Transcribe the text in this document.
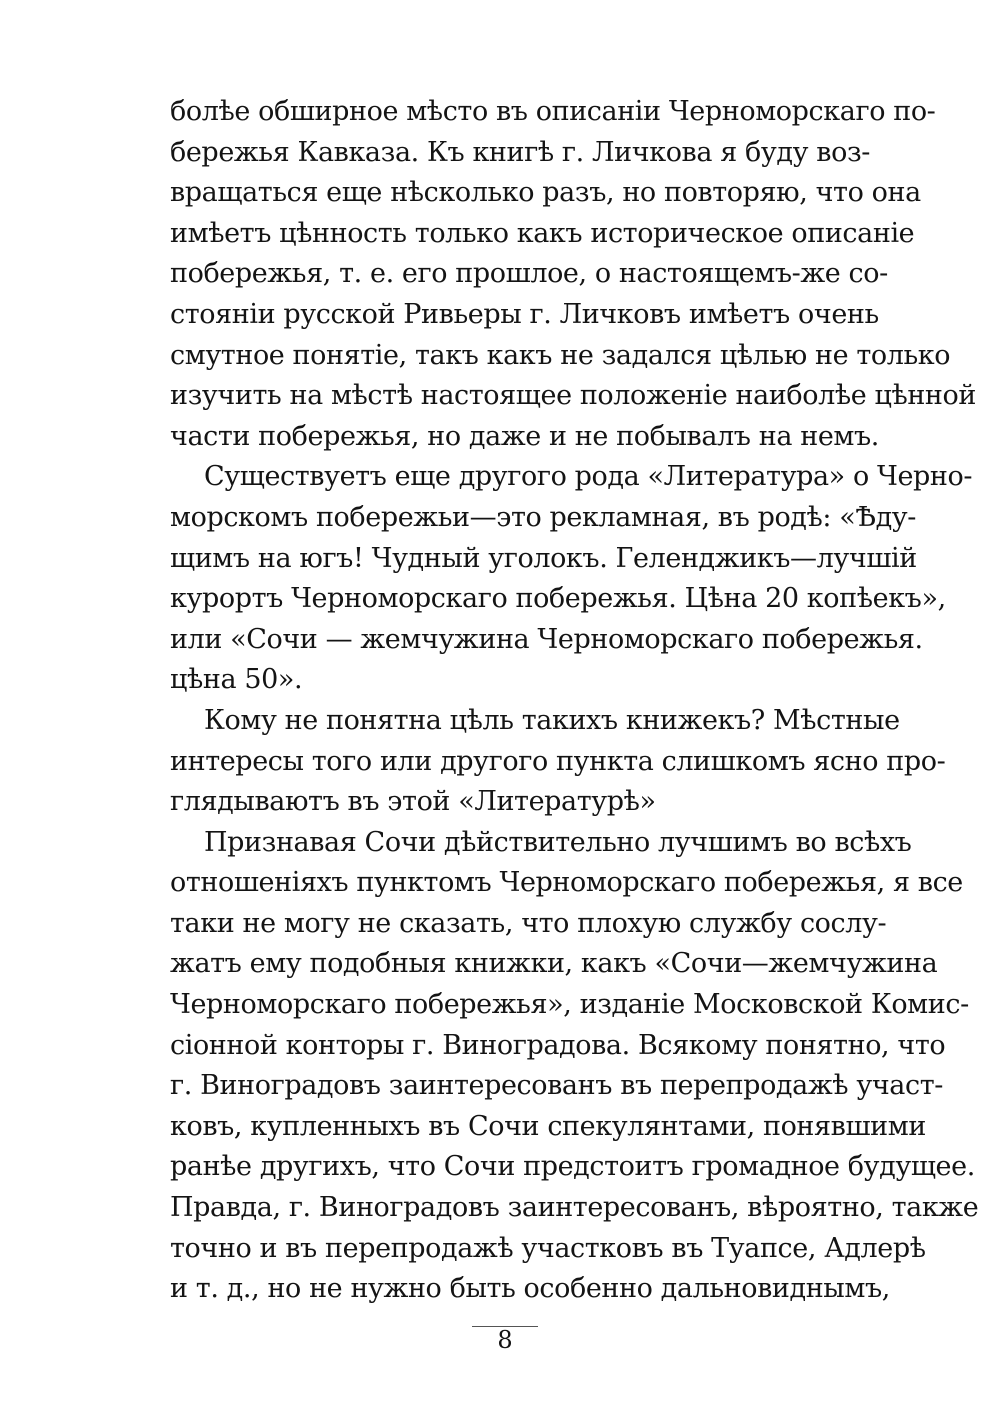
болѣе обширное мѣсто въ описанiи Черноморскаго по-
бережья Кавказа. Къ книгѣ г. Личкова я буду воз-
вращаться еще нѣсколько разъ, но повторяю, что она
имѣетъ цѣнность только какъ историческое описанiе
побережья, т. е. его прошлое, о настоящемъ-же со-
стоянiи русской Ривьеры г. Личковъ имѣетъ очень
смутное понятiе, такъ какъ не задался цѣлью не только
изучить на мѣстѣ настоящее положенiе наиболѣе цѣнной
части побережья, но даже и не побывалъ на немъ.
Существуетъ еще другого рода «Литература» о Черно-
морскомъ побережьи—это рекламная, въ родѣ: «Ѣду-
щимъ на югъ! Чудный уголокъ. Геленджикъ—лучшiй
курортъ Черноморскаго побережья. Цѣна 20 копѣекъ»,
или «Сочи — жемчужина Черноморскаго побережья.
цѣна 50».
Кому не понятна цѣль такихъ книжекъ? Мѣстные
интересы того или другого пункта слишкомъ ясно про-
глядываютъ въ этой «Литературѣ»
Признавая Сочи дѣйствительно лучшимъ во всѣхъ
отношенiяхъ пунктомъ Черноморскаго побережья, я все
таки не могу не сказать, что плохую службу сослу-
жатъ ему подобныя книжки, какъ «Сочи—жемчужина
Черноморскаго побережья», изданiе Московской Комис-
сiонной конторы г. Виноградова. Всякому понятно, что
г. Виноградовъ заинтересованъ въ перепродажѣ участ-
ковъ, купленныхъ въ Сочи спекулянтами, понявшими
ранѣе другихъ, что Сочи предстоитъ громадное будущее.
Правда, г. Виноградовъ заинтересованъ, вѣроятно, также
точно и въ перепродажѣ участковъ въ Туапсе, Адлерѣ
и т. д., но не нужно быть особенно дальновиднымъ,
8
